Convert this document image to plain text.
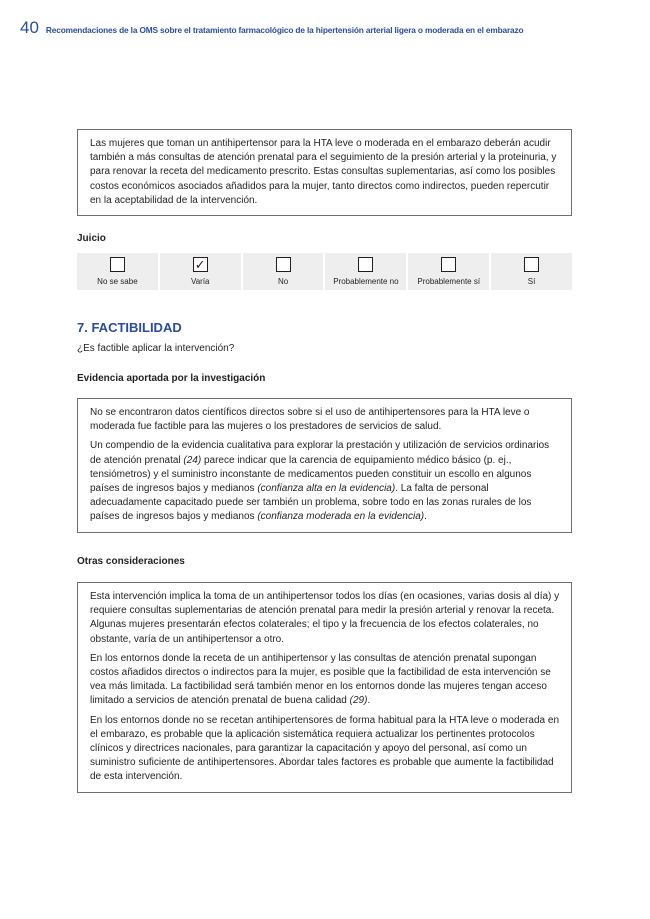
40 Recomendaciones de la OMS sobre el tratamiento farmacológico de la hipertensión arterial ligera o moderada en el embarazo

Las mujeres que toman un antihipertensor para la HTA leve o moderada en el embarazo deberán acudir también a más consultas de atención prenatal para el seguimiento de la presión arterial y la proteinuria, y para renovar la receta del medicamento prescrito. Estas consultas suplementarias, así como los posibles costos económicos asociados añadidos para la mujer, tanto directos como indirectos, pueden repercutir en la aceptabilidad de la intervención.

Juicio
No se sabe
✓
Varía	No	Probablemente no Probablemente sí	Sí
7. FACTIBILIDAD
¿Es factible aplicar la intervención?
Evidencia aportada por la investigación

No se encontraron datos científicos directos sobre si el uso de antihipertensores para la HTA leve o moderada fue factible para las mujeres o los prestadores de servicios de salud.

Un compendio de la evidencia cualitativa para explorar la prestación y utilización de servicios ordinarios de atención prenatal (24) parece indicar que la carencia de equipamiento médico básico (p. ej., tensiómetros) y el suministro inconstante de medicamentos pueden constituir un escollo en algunos países de ingresos bajos y medianos (confianza alta en la evidencia). La falta de personal adecuadamente capacitado puede ser también un problema, sobre todo en las zonas rurales de los países de ingresos bajos y medianos (confianza moderada en la evidencia).

Otras consideraciones

Esta intervención implica la toma de un antihipertensor todos los días (en ocasiones, varias dosis al día) y requiere consultas suplementarias de atención prenatal para medir la presión arterial y renovar la receta. Algunas mujeres presentarán efectos colaterales; el tipo y la frecuencia de los efectos colaterales, no obstante, varía de un antihipertensor a otro.

En los entornos donde la receta de un antihipertensor y las consultas de atención prenatal supongan costos añadidos directos o indirectos para la mujer, es posible que la factibilidad de esta intervención se vea más limitada. La factibilidad será también menor en los entornos donde las mujeres tengan acceso limitado a servicios de atención prenatal de buena calidad (29).

En los entornos donde no se recetan antihipertensores de forma habitual para la HTA leve o moderada en el embarazo, es probable que la aplicación sistemática requiera actualizar los pertinentes protocolos clínicos y directrices nacionales, para garantizar la capacitación y apoyo del personal, así como un suministro suficiente de antihipertensores. Abordar tales factores es probable que aumente la factibilidad de esta intervención.
